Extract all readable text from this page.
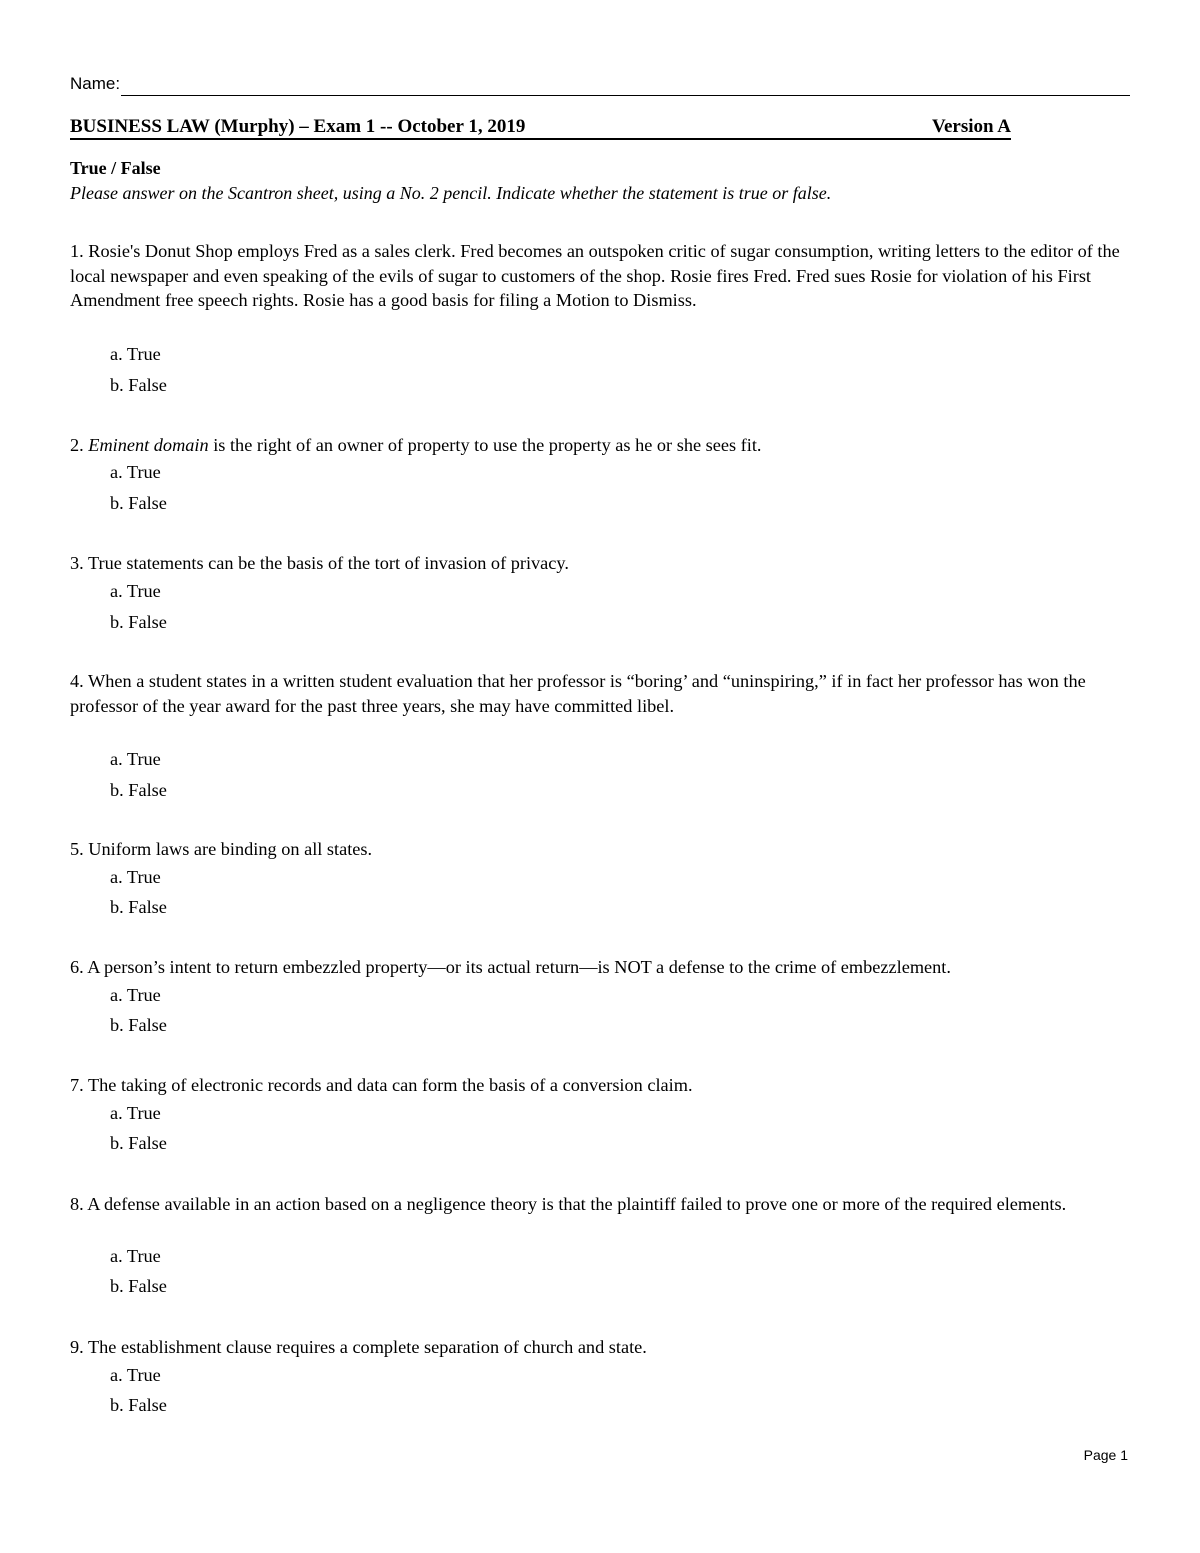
Name:
BUSINESS LAW (Murphy) – Exam 1 -- October 1, 2019	Version A
True / False
Please answer on the Scantron sheet, using a No. 2 pencil. Indicate whether the statement is true or false.

1. Rosie's Donut Shop employs Fred as a sales clerk. Fred becomes an outspoken critic of sugar consumption, writing letters to the editor of the local newspaper and even speaking of the evils of sugar to customers of the shop. Rosie fires Fred. Fred sues Rosie for violation of his First Amendment free speech rights. Rosie has a good basis for filing a Motion to Dismiss.

a. True
b. False

2. Eminent domain is the right of an owner of property to use the property as he or she sees fit.

a. True
b. False

3. True statements can be the basis of the tort of invasion of privacy.

a. True
b. False

4. When a student states in a written student evaluation that her professor is “boring’ and “uninspiring,” if in fact her professor has won the professor of the year award for the past three years, she may have committed libel.

a. True
b. False

5. Uniform laws are binding on all states.

a. True
b. False

6. A person’s intent to return embezzled property—or its actual return—is NOT a defense to the crime of embezzlement.

a. True
b. False

7. The taking of electronic records and data can form the basis of a conversion claim.

a. True
b. False

8. A defense available in an action based on a negligence theory is that the plaintiff failed to prove one or more of the required elements.

a. True
b. False

9. The establishment clause requires a complete separation of church and state.

a. True
b. False
Page 1
